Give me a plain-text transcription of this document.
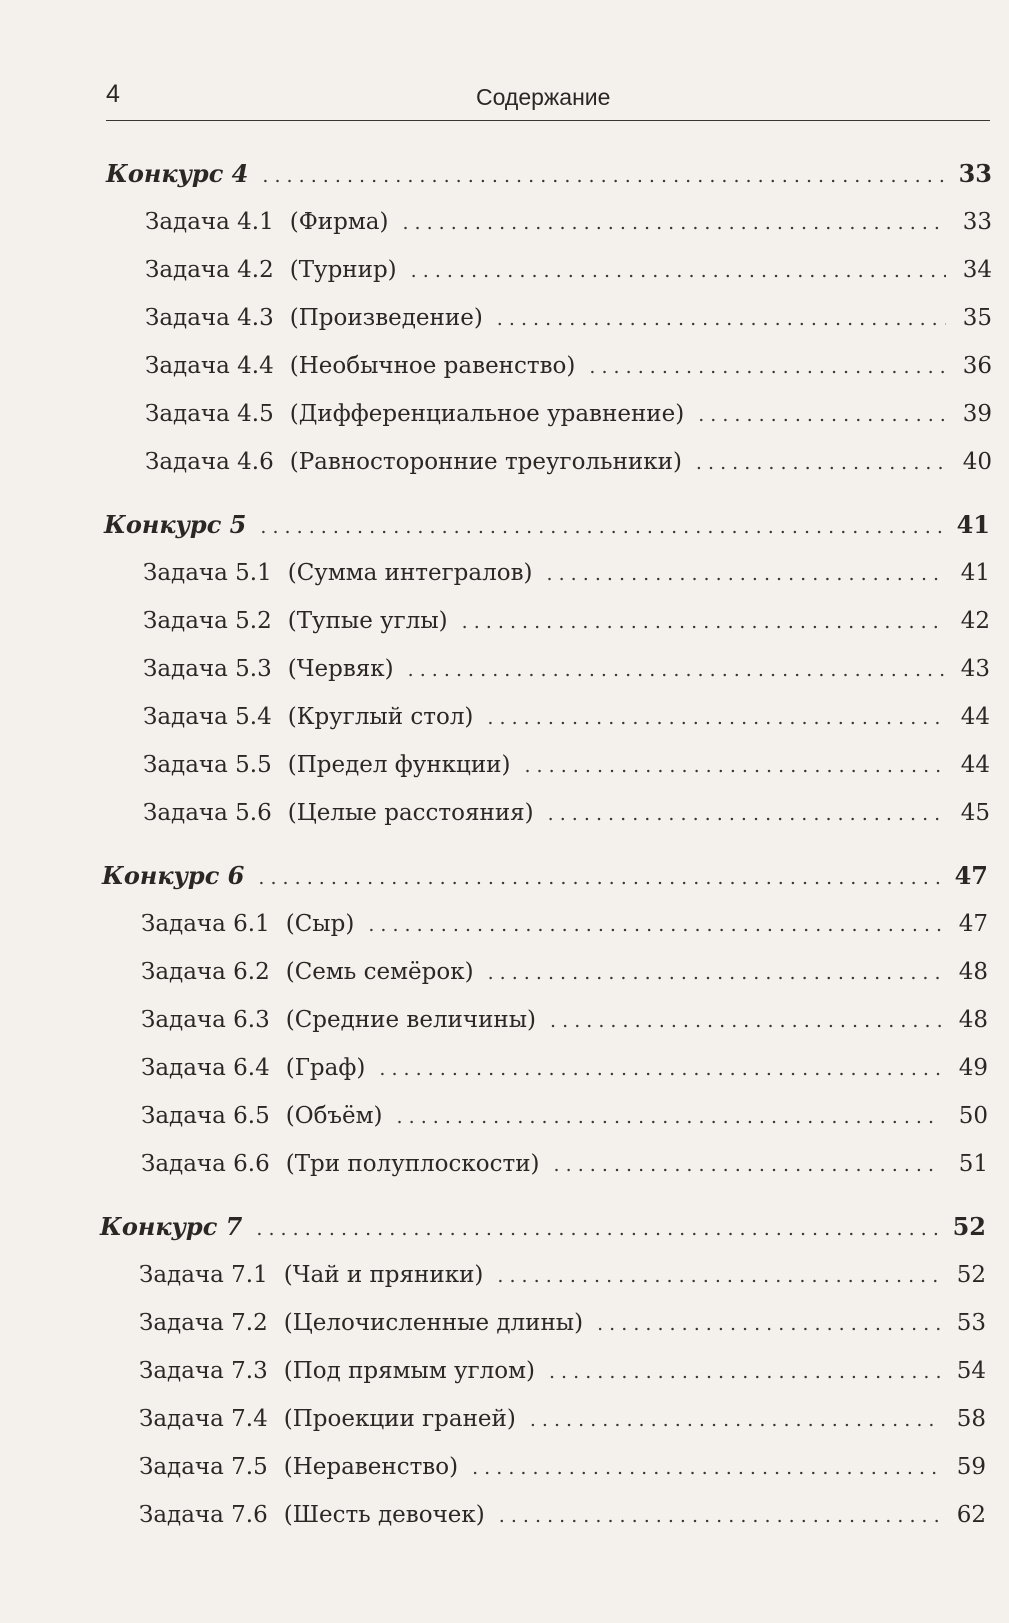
4	Содержание
Конкурс 4 . . .	33
Задача 4.1 (Фирма) . . .	33
Задача 4.2 (Турнир) . . .	34
Задача 4.3 (Произведение) . . .	35
Задача 4.4 (Необычное равенство) . . .	36
Задача 4.5 (Дифференциальное уравнение) . . .	39
Задача 4.6 (Равносторонние треугольники) . . .	40
Конкурс 5 . . .	41
Задача 5.1 (Сумма интегралов) . . .	41
Задача 5.2 (Тупые углы) . . .	42
Задача 5.3 (Червяк) . . .	43
Задача 5.4 (Круглый стол) . . .	44
Задача 5.5 (Предел функции) . . .	44
Задача 5.6 (Целые расстояния) . . .	45
Конкурс 6 . . .	47
Задача 6.1 (Сыр) . . .	47
Задача 6.2 (Семь семёрок) . . .	48
Задача 6.3 (Средние величины) . . .	48
Задача 6.4 (Граф) . . .	49
Задача 6.5 (Объём) . . .	50
Задача 6.6 (Три полуплоскости) . . .	51
Конкурс 7 . . .	52
Задача 7.1 (Чай и пряники) . . .	52
Задача 7.2 (Целочисленные длины) . . .	53
Задача 7.3 (Под прямым углом) . . .	54
Задача 7.4 (Проекции граней) . . .	58
Задача 7.5 (Неравенство) . . .	59
Задача 7.6 (Шесть девочек) . . .	62
